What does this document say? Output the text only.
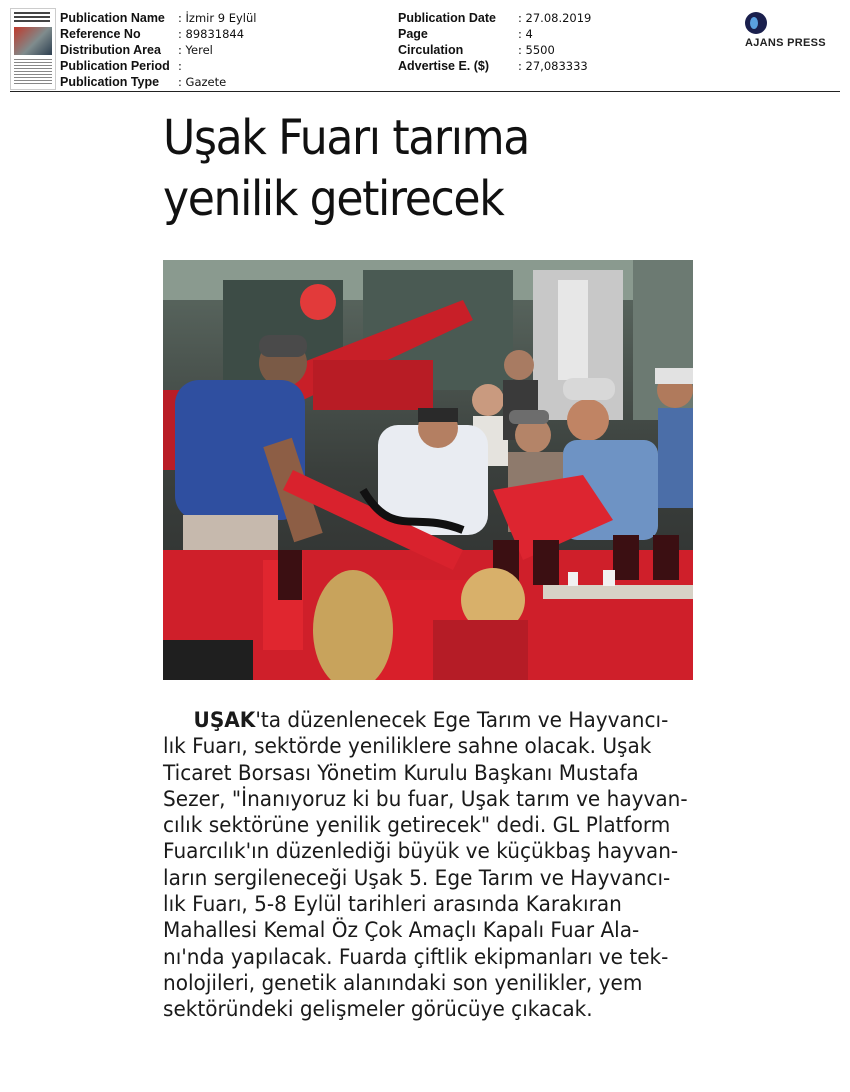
Publication Name	: İzmir 9 Eylül
Reference No	: 89831844
Distribution Area	: Yerel
Publication Period :
Publication Type	: Gazete
Publication Date	: 27.08.2019
Page	: 4
Circulation	: 5500
Advertise E. ($)	: 27,083333
AJANS PRESS
Uşak Fuarı tarıma
yenilik getirecek
UŞAK'ta düzenlenecek Ege Tarım ve Hayvancı-
lık Fuarı, sektörde yeniliklere sahne olacak. Uşak
Ticaret Borsası Yönetim Kurulu Başkanı Mustafa
Sezer, "İnanıyoruz ki bu fuar, Uşak tarım ve hayvan-
cılık sektörüne yenilik getirecek" dedi. GL Platform
Fuarcılık'ın düzenlediği büyük ve küçükbaş hayvan-
ların sergileneceği Uşak 5. Ege Tarım ve Hayvancı-
lık Fuarı, 5-8 Eylül tarihleri arasında Karakıran
Mahallesi Kemal Öz Çok Amaçlı Kapalı Fuar Ala-
nı'nda yapılacak. Fuarda çiftlik ekipmanları ve tek-
nolojileri, genetik alanındaki son yenilikler, yem
sektöründeki gelişmeler görücüye çıkacak.
